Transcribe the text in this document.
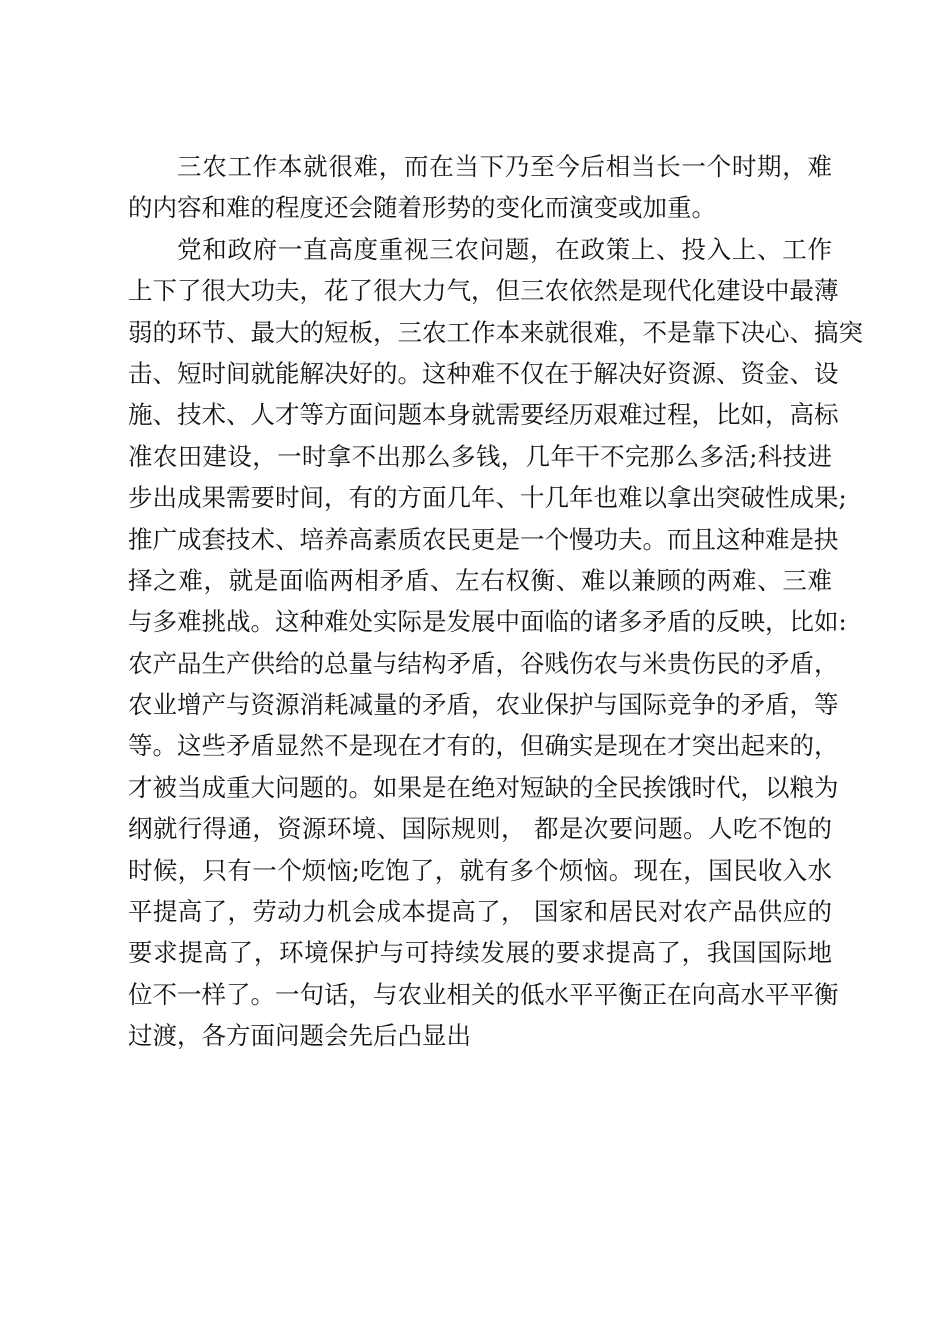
三农工作本就很难，而在当下乃至今后相当长一个时期，难
的内容和难的程度还会随着形势的变化而演变或加重。
党和政府一直高度重视三农问题，在政策上、投入上、工作
上下了很大功夫，花了很大力气，但三农依然是现代化建设中最薄
弱的环节、最大的短板，三农工作本来就很难，不是靠下决心、搞突
击、短时间就能解决好的。这种难不仅在于解决好资源、资金、设
施、技术、人才等方面问题本身就需要经历艰难过程，比如，高标
准农田建设，一时拿不出那么多钱，几年干不完那么多活;科技进
步出成果需要时间，有的方面几年、十几年也难以拿出突破性成果;
推广成套技术、培养高素质农民更是一个慢功夫。而且这种难是抉
择之难，就是面临两相矛盾、左右权衡、难以兼顾的两难、三难
与多难挑战。这种难处实际是发展中面临的诸多矛盾的反映，比如:
农产品生产供给的总量与结构矛盾，谷贱伤农与米贵伤民的矛盾，
农业增产与资源消耗减量的矛盾，农业保护与国际竞争的矛盾，等
等。这些矛盾显然不是现在才有的，但确实是现在才突出起来的，
才被当成重大问题的。如果是在绝对短缺的全民挨饿时代，以粮为
纲就行得通，资源环境、国际规则， 都是次要问题。人吃不饱的
时候，只有一个烦恼;吃饱了，就有多个烦恼。现在，国民收入水
平提高了，劳动力机会成本提高了， 国家和居民对农产品供应的
要求提高了，环境保护与可持续发展的要求提高了，我国国际地
位不一样了。一句话，与农业相关的低水平平衡正在向高水平平衡
过渡，各方面问题会先后凸显出
